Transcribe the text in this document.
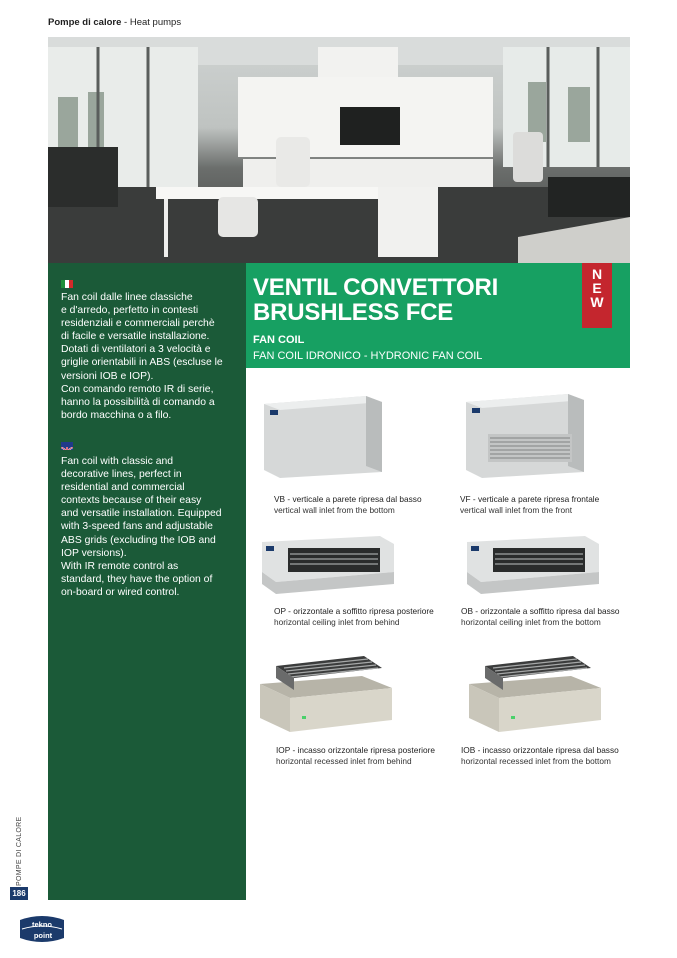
Pompe di calore - Heat pumps
Fan coil dalle linee classiche
e d'arredo, perfetto in contesti
residenziali e commerciali perchè
di facile e versatile installazione.
Dotati di ventilatori a 3 velocità e
griglie orientabili in ABS (escluse le
versioni IOB e IOP).
Con comando remoto IR di serie,
hanno la possibilità di comando a
bordo macchina o a filo.
Fan coil with classic and
decorative lines, perfect in
residential and commercial
contexts because of their easy
and versatile installation. Equipped
with 3-speed fans and adjustable
ABS grids (excluding the IOB and
IOP versions).
With IR remote control as
standard, they have the option of
on-board or wired control.
VENTIL CONVETTORI
BRUSHLESS FCE
FAN COIL
FAN COIL IDRONICO - HYDRONIC FAN COIL
N
E
W
VB - verticale a parete ripresa dal basso
vertical wall inlet from the bottom
VF - verticale a parete ripresa frontale
vertical wall inlet from the front
OP - orizzontale a soffitto ripresa posteriore
horizontal ceiling inlet from behind
OB - orizzontale a soffitto ripresa dal basso
horizontal ceiling inlet from the bottom
IOP - incasso orizzontale ripresa posteriore
horizontal recessed inlet from behind
IOB - incasso orizzontale ripresa dal basso
horizontal recessed inlet from the bottom
POMPE DI CALORE
186
tekno
point
